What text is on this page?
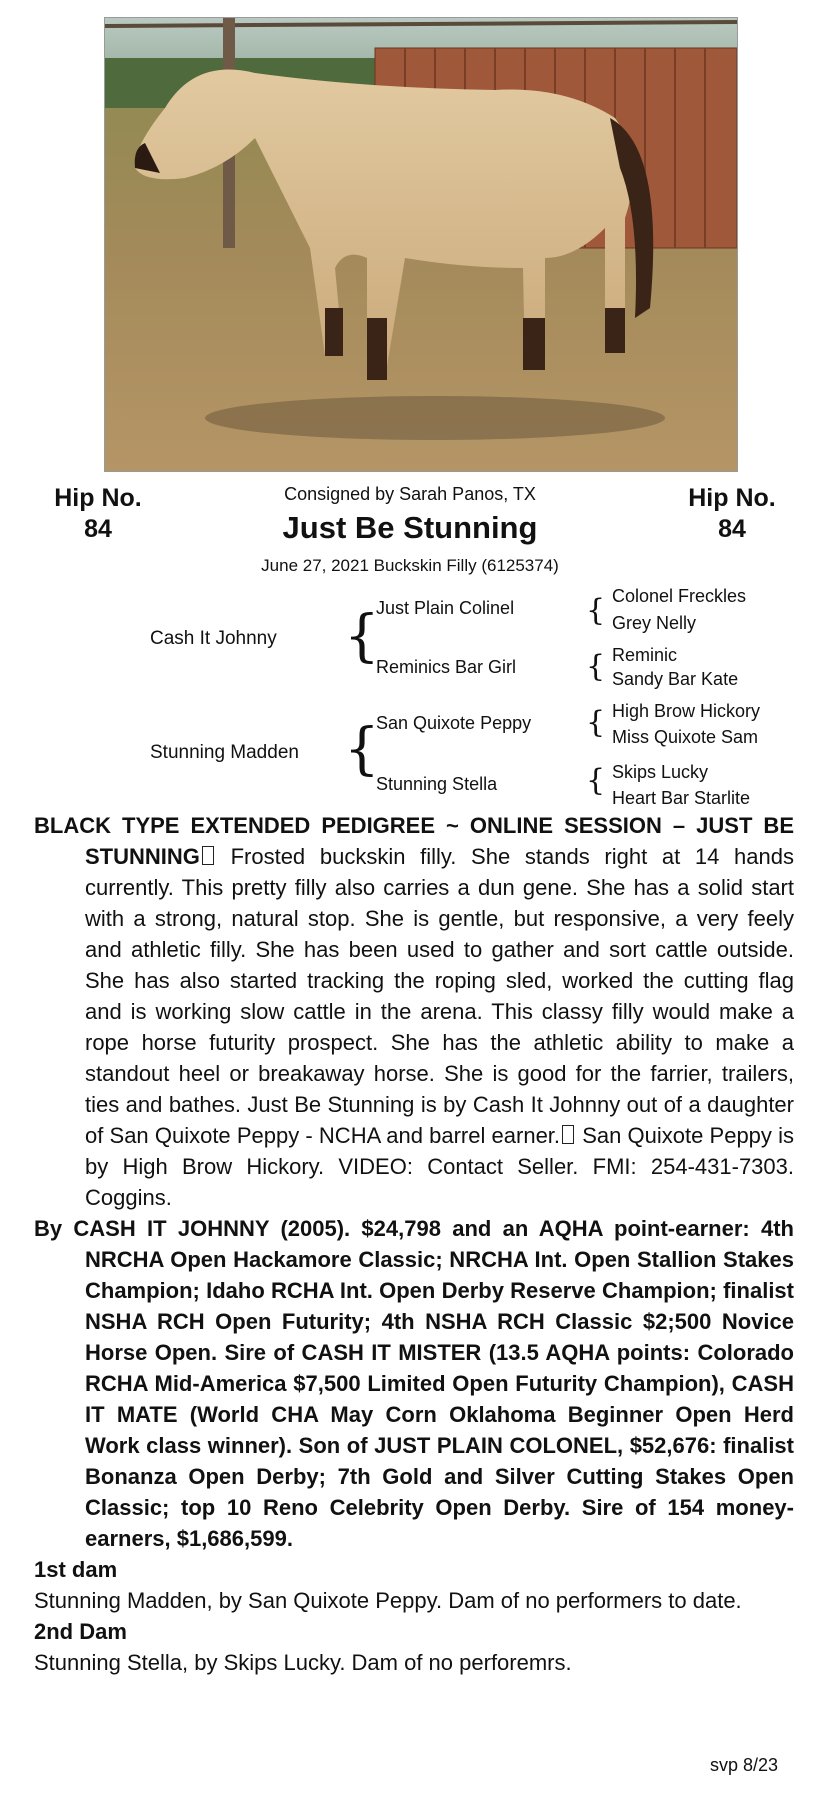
Hip No.
84
Hip No.
84
Consigned by Sarah Panos, TX
Just Be Stunning
June 27, 2021 Buckskin Filly (6125374)
Cash It Johnny
Stunning Madden
{
{
Just Plain Colinel
Reminics Bar Girl
San Quixote Peppy
Stunning Stella
{
{
{
{
Colonel Freckles
Grey Nelly
Reminic
Sandy Bar Kate
High Brow Hickory
Miss Quixote Sam
Skips Lucky
Heart Bar Starlite

BLACK TYPE EXTENDED PEDIGREE ~ ONLINE SESSION – JUST BE STUNNING Frosted buckskin filly. She stands right at 14 hands currently. This pretty filly also carries a dun gene. She has a solid start with a strong, natural stop. She is gentle, but responsive, a very feely and athletic filly. She has been used to gather and sort cattle outside. She has also started tracking the roping sled, worked the cutting flag and is working slow cattle in the arena. This classy filly would make a rope horse futurity prospect. She has the athletic ability to make a standout heel or breakaway horse. She is good for the farrier, trailers, ties and bathes. Just Be Stunning is by Cash It Johnny out of a daughter of San Quixote Peppy - NCHA and barrel earner. San Quixote Peppy is by High Brow Hickory. VIDEO: Contact Seller. FMI: 254-431-7303. Coggins.

By CASH IT JOHNNY (2005). $24,798 and an AQHA point-earner: 4th NRCHA Open Hackamore Classic; NRCHA Int. Open Stallion Stakes Champion; Idaho RCHA Int. Open Derby Reserve Champion; finalist NSHA RCH Open Futurity; 4th NSHA RCH Classic $2;500 Novice Horse Open. Sire of CASH IT MISTER (13.5 AQHA points: Colorado RCHA Mid-America $7,500 Limited Open Futurity Champion), CASH IT MATE (World CHA May Corn Oklahoma Beginner Open Herd Work class winner). Son of JUST PLAIN COLONEL, $52,676: finalist Bonanza Open Derby; 7th Gold and Silver Cutting Stakes Open Classic; top 10 Reno Celebrity Open Derby. Sire of 154 money-earners, $1,686,599.

1st dam

Stunning Madden, by San Quixote Peppy. Dam of no performers to date.

2nd Dam

Stunning Stella, by Skips Lucky. Dam of no perforemrs.

svp 8/23
